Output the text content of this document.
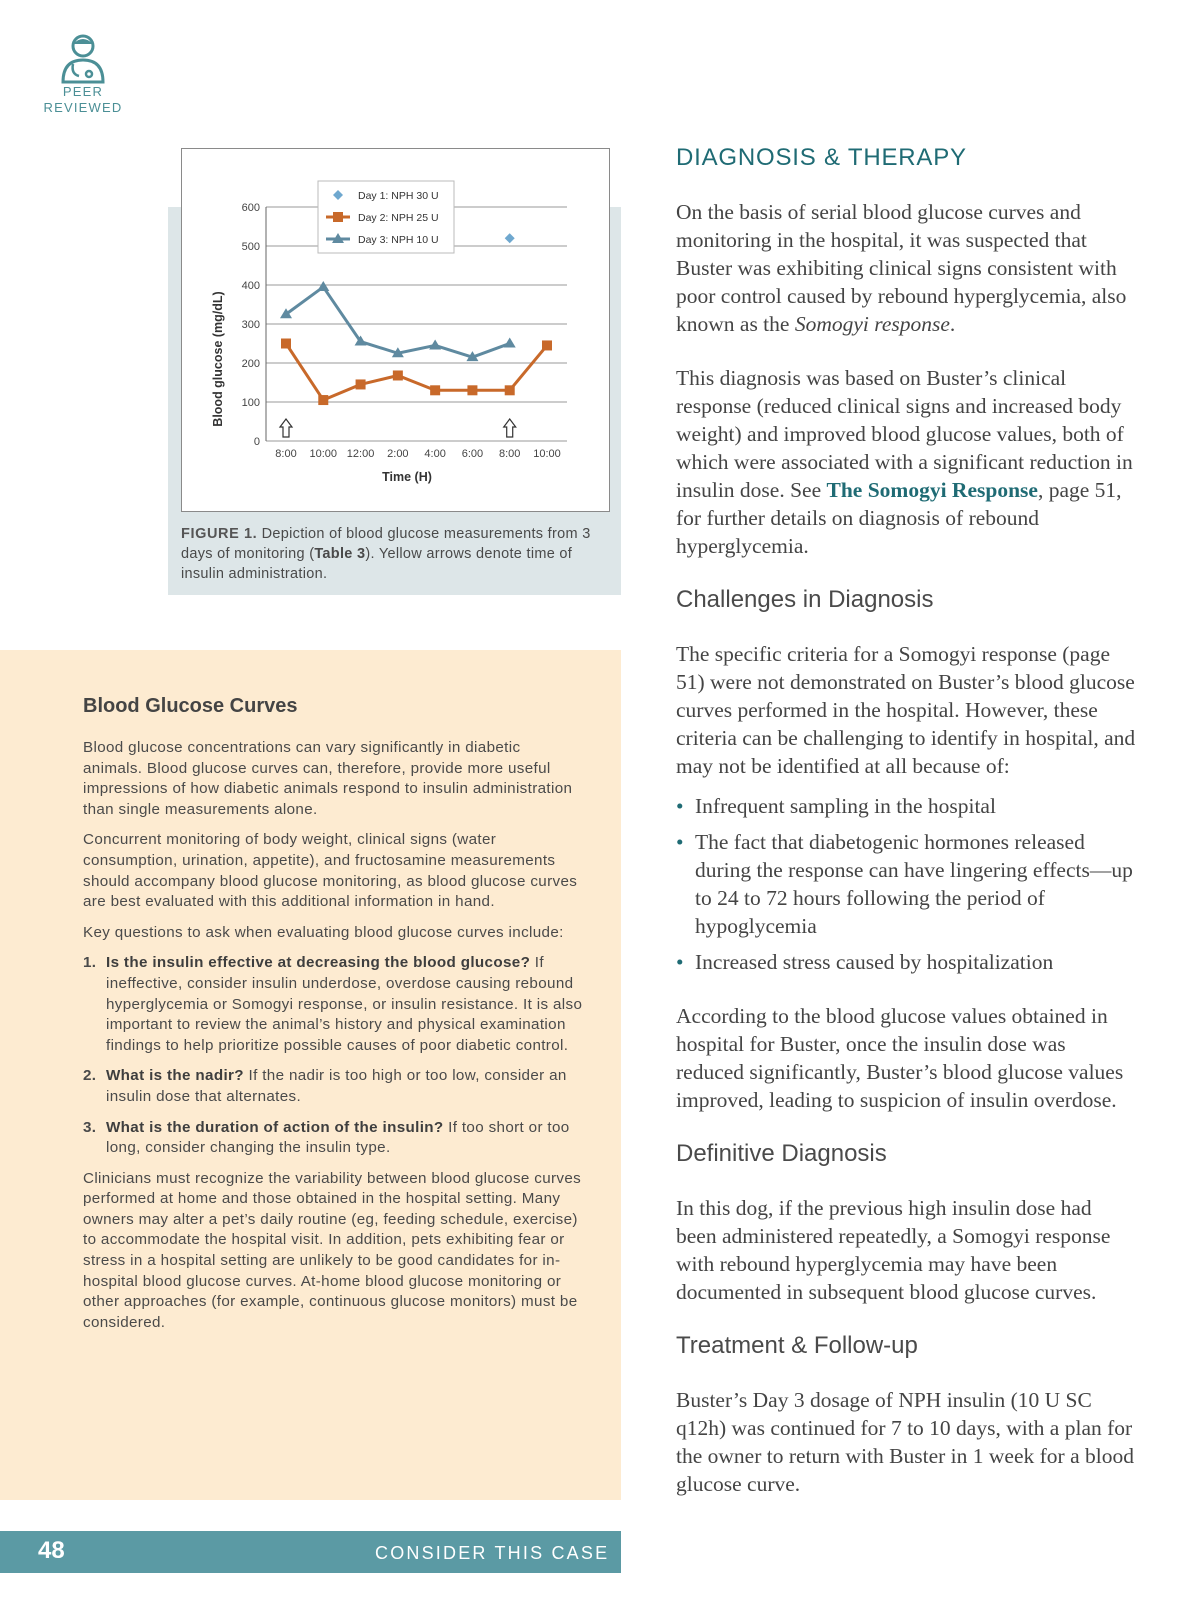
PEER
REVIEWED
0
100
200
300
400
500
600
8:00 10:00 12:00 2:00 4:00 6:00 8:00 10:00
Time (H)
Blood glucose (mg/dL)
Day 1: NPH 30 U
Day 2: NPH 25 U
Day 3: NPH 10 U
FIGURE 1. Depiction of blood glucose measurements from 3 days of monitoring (Table 3). Yellow arrows denote time of insulin administration.
Blood Glucose Curves

Blood glucose concentrations can vary significantly in diabetic animals. Blood glucose curves can, therefore, provide more useful impressions of how diabetic animals respond to insulin administration than single measurements alone.

Concurrent monitoring of body weight, clinical signs (water consumption, urination, appetite), and fructosamine measurements should accompany blood glucose monitoring, as blood glucose curves are best evaluated with this additional information in hand.

Key questions to ask when evaluating blood glucose curves include:

1. Is the insulin effective at decreasing the blood glucose? If ineffective, consider insulin underdose, overdose causing rebound hyperglycemia or Somogyi response, or insulin resistance. It is also important to review the animal’s history and physical examination findings to help prioritize possible causes of poor diabetic control.
2. What is the nadir? If the nadir is too high or too low, consider an insulin dose that alternates.
3. What is the duration of action of the insulin? If too short or too long, consider changing the insulin type.

Clinicians must recognize the variability between blood glucose curves performed at home and those obtained in the hospital setting. Many owners may alter a pet’s daily routine (eg, feeding schedule, exercise) to accommodate the hospital visit. In addition, pets exhibiting fear or stress in a hospital setting are unlikely to be good candidates for in-hospital blood glucose curves. At-home blood glucose monitoring or other approaches (for example, continuous glucose monitors) must be considered.

48	CONSIDER THIS CASE
DIAGNOSIS & THERAPY

On the basis of serial blood glucose curves and monitoring in the hospital, it was suspected that Buster was exhibiting clinical signs consistent with poor control caused by rebound hyperglycemia, also known as the Somogyi response.

This diagnosis was based on Buster’s clinical response (reduced clinical signs and increased body weight) and improved blood glucose values, both of which were associated with a significant reduction in insulin dose. See The Somogyi Response, page 51, for further details on diagnosis of rebound hyperglycemia.

Challenges in Diagnosis

The specific criteria for a Somogyi response (page 51) were not demonstrated on Buster’s blood glucose curves performed in the hospital. However, these criteria can be challenging to identify in hospital, and may not be identified at all because of:

• Infrequent sampling in the hospital
• The fact that diabetogenic hormones released during the response can have lingering effects—up to 24 to 72 hours following the period of hypoglycemia
• Increased stress caused by hospitalization

According to the blood glucose values obtained in hospital for Buster, once the insulin dose was reduced significantly, Buster’s blood glucose values improved, leading to suspicion of insulin overdose.

Definitive Diagnosis

In this dog, if the previous high insulin dose had been administered repeatedly, a Somogyi response with rebound hyperglycemia may have been documented in subsequent blood glucose curves.

Treatment & Follow-up

Buster’s Day 3 dosage of NPH insulin (10 U SC q12h) was continued for 7 to 10 days, with a plan for the owner to return with Buster in 1 week for a blood glucose curve.
